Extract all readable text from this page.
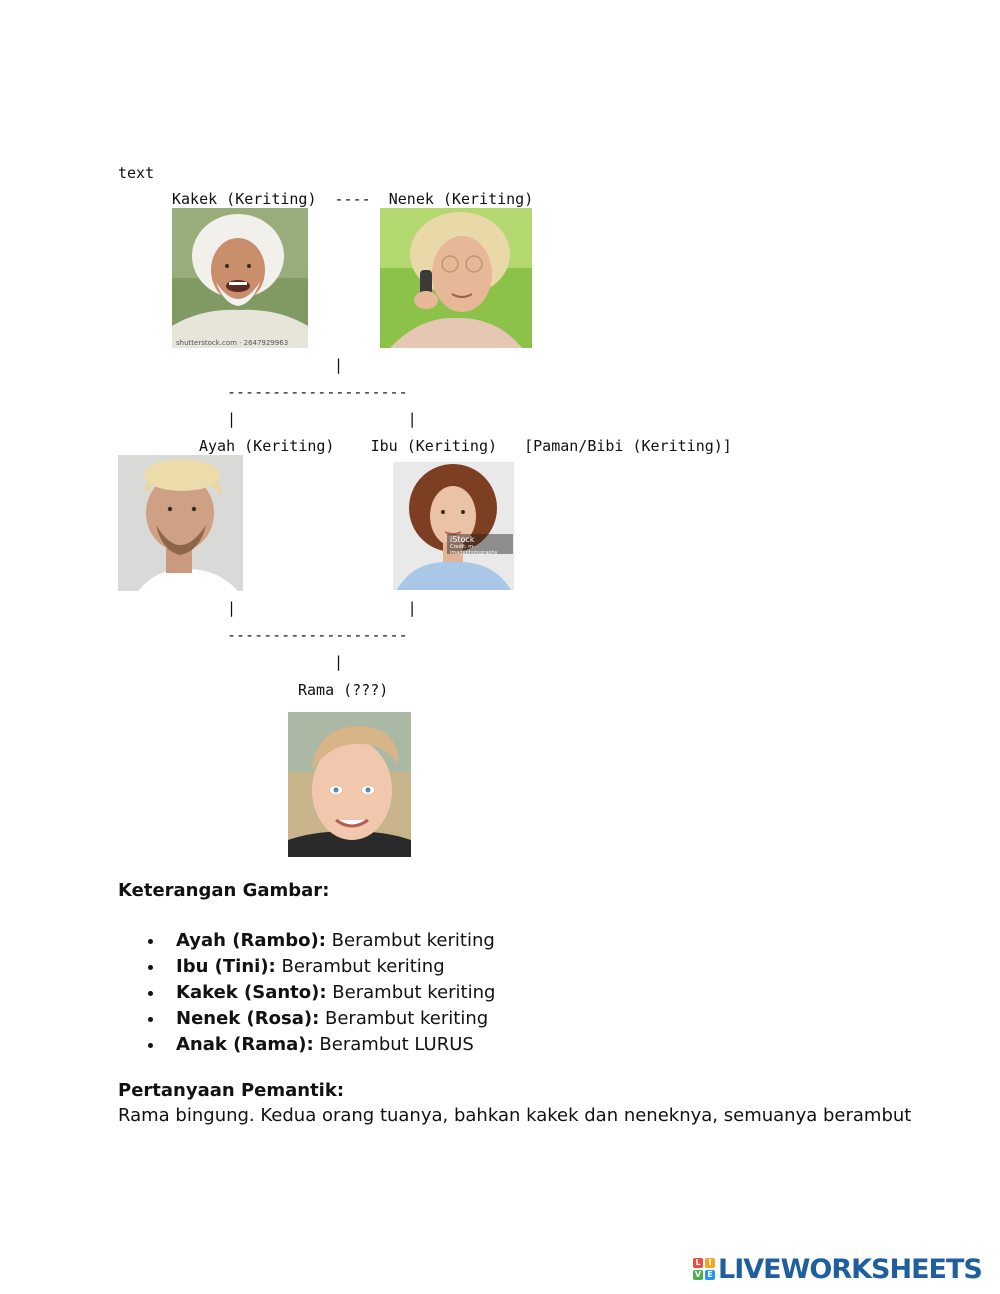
text
Kakek (Keriting)  ----  Nenek (Keriting)
shutterstock.com · 2647929963
|
--------------------
|                   |
Ayah (Keriting)    Ibu (Keriting)   [Paman/Bibi (Keriting)]
iStock
Credit: m-imagephotography
|                   |
--------------------
|
Rama (???)
Keterangan Gambar:
Ayah (Rambo): Berambut keriting
Ibu (Tini): Berambut keriting
Kakek (Santo): Berambut keriting
Nenek (Rosa): Berambut keriting
Anak (Rama): Berambut LURUS
Pertanyaan Pemantik:
Rama bingung. Kedua orang tuanya, bahkan kakek dan neneknya, semuanya berambut
L I
V E LIVEWORKSHEETS
